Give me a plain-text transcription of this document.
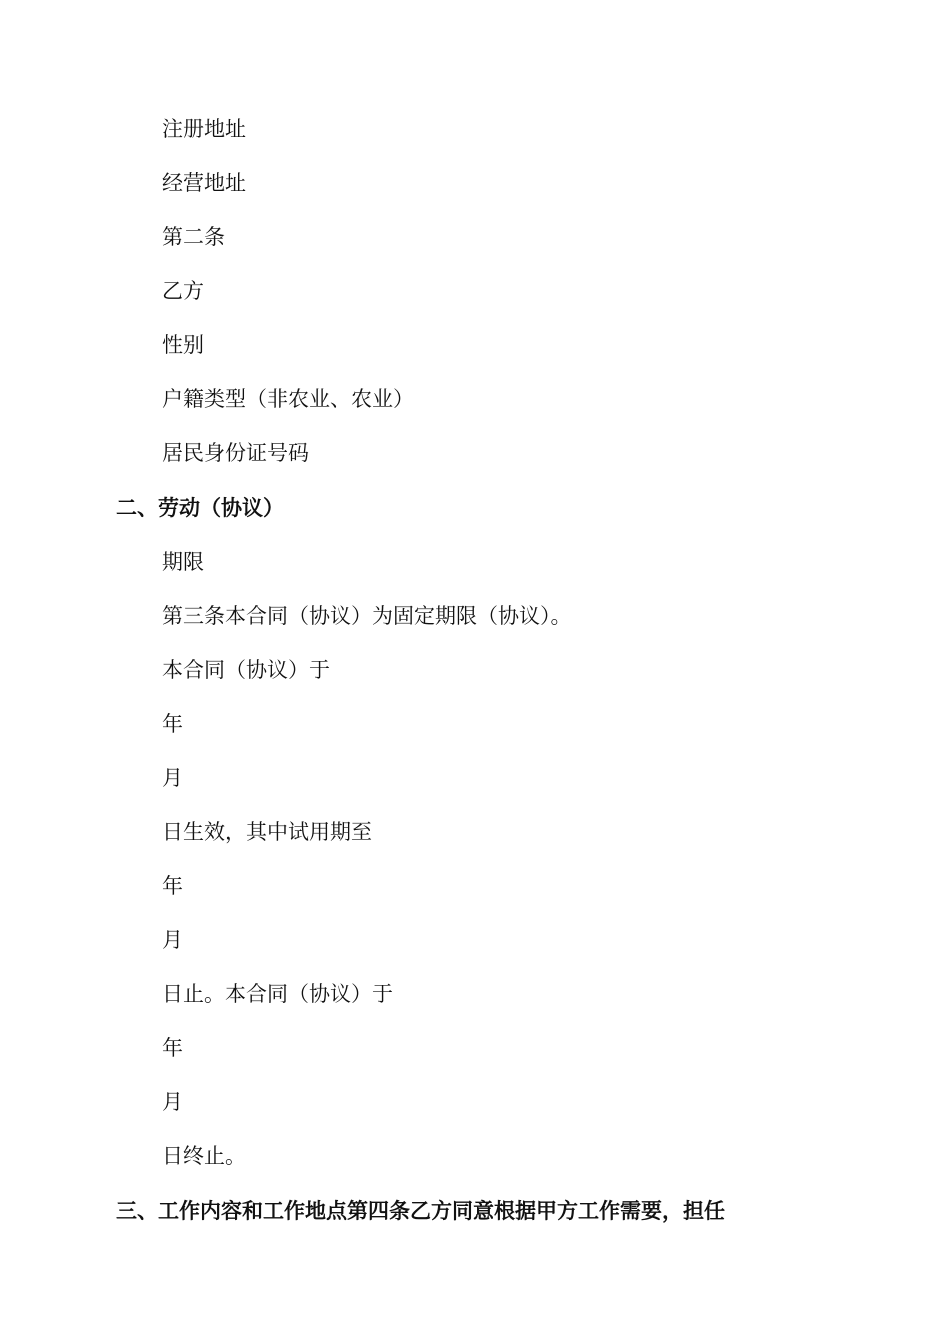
注册地址
经营地址
第二条
乙方
性别
户籍类型（非农业、农业）
居民身份证号码
二、劳动（协议）
期限
第三条本合同（协议）为固定期限（协议）。
本合同（协议）于
年
月
日生效，其中试用期至
年
月
日止。本合同（协议）于
年
月
日终止。
三、工作内容和工作地点第四条乙方同意根据甲方工作需要，担任
